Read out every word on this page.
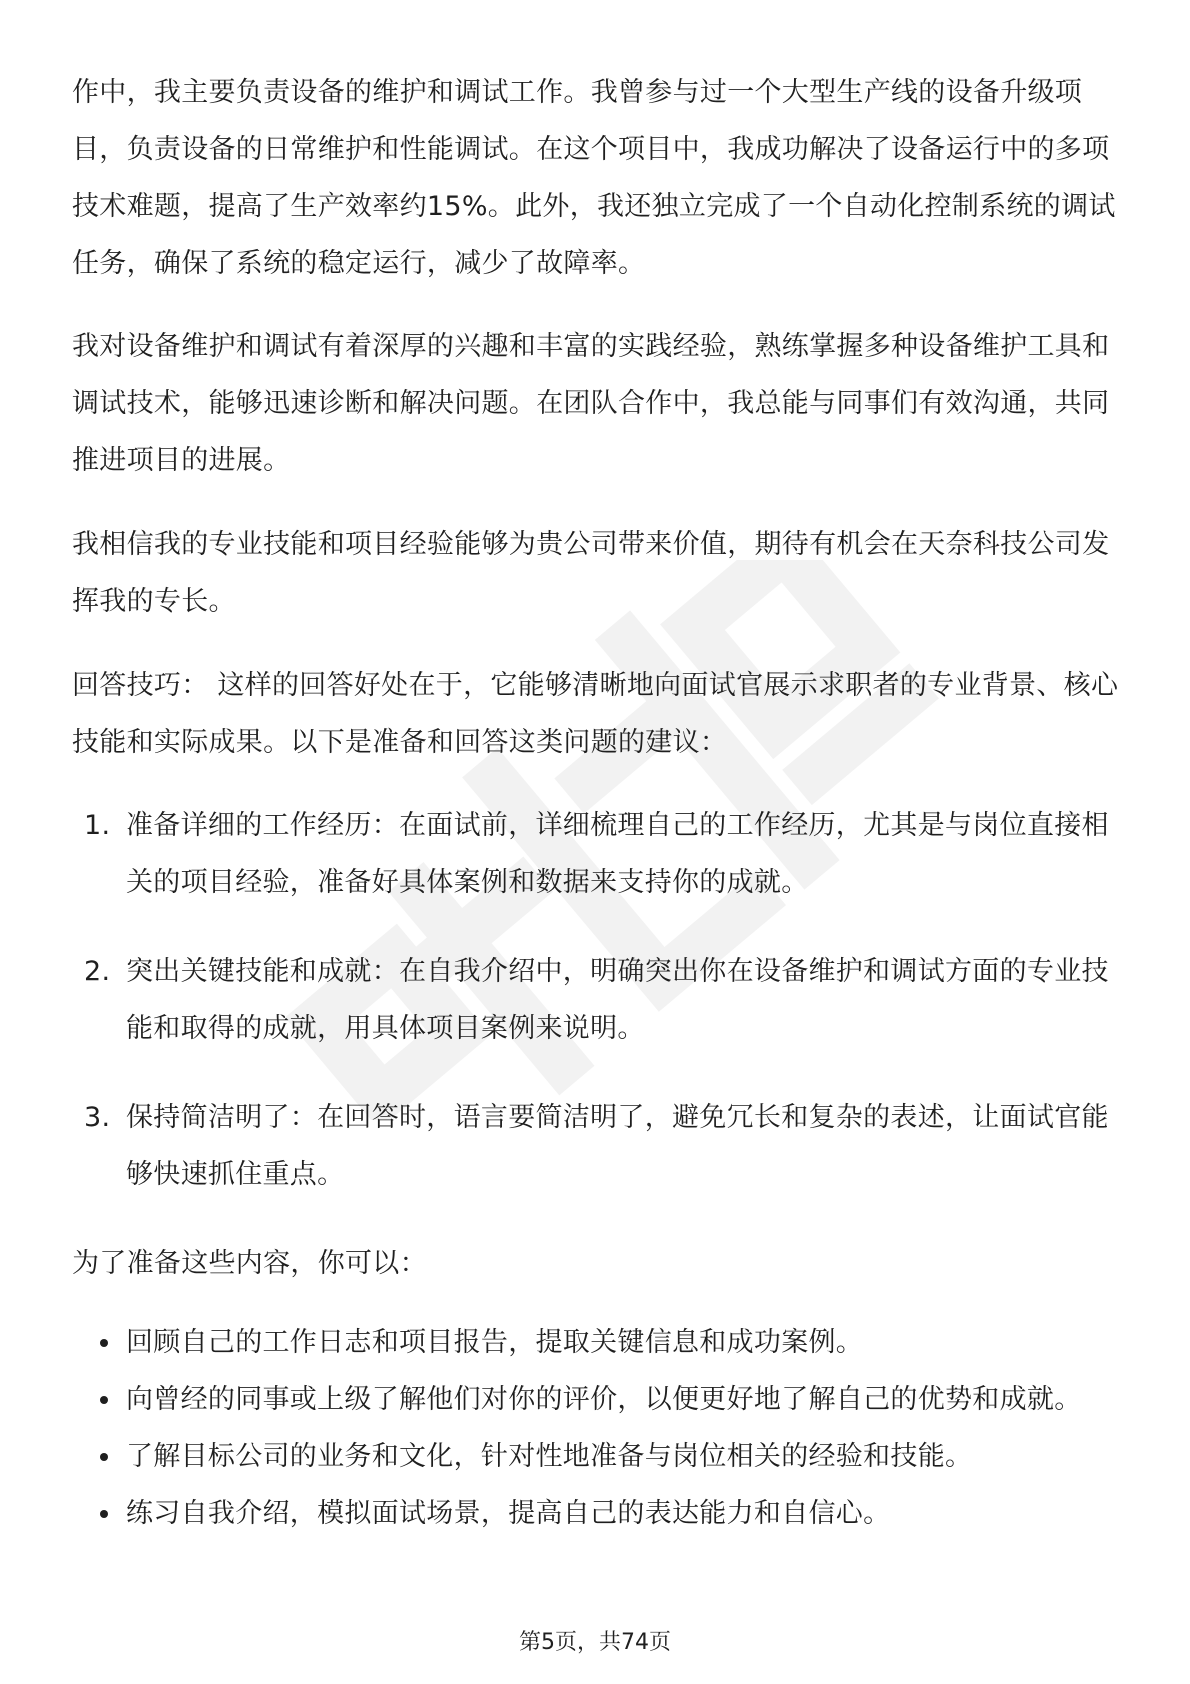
作中，我主要负责设备的维护和调试工作。我曾参与过一个大型生产线的设备升级项目，负责设备的日常维护和性能调试。在这个项目中，我成功解决了设备运行中的多项技术难题，提高了生产效率约15%。此外，我还独立完成了一个自动化控制系统的调试任务，确保了系统的稳定运行，减少了故障率。

我对设备维护和调试有着深厚的兴趣和丰富的实践经验，熟练掌握多种设备维护工具和调试技术，能够迅速诊断和解决问题。在团队合作中，我总能与同事们有效沟通，共同推进项目的进展。

我相信我的专业技能和项目经验能够为贵公司带来价值，期待有机会在天奈科技公司发挥我的专长。

回答技巧： 这样的回答好处在于，它能够清晰地向面试官展示求职者的专业背景、核心技能和实际成果。以下是准备和回答这类问题的建议：

1. 准备详细的工作经历：在面试前，详细梳理自己的工作经历，尤其是与岗位直接相关的项目经验，准备好具体案例和数据来支持你的成就。
2. 突出关键技能和成就：在自我介绍中，明确突出你在设备维护和调试方面的专业技能和取得的成就，用具体项目案例来说明。
3. 保持简洁明了：在回答时，语言要简洁明了，避免冗长和复杂的表述，让面试官能够快速抓住重点。

为了准备这些内容，你可以：

回顾自己的工作日志和项目报告，提取关键信息和成功案例。
向曾经的同事或上级了解他们对你的评价，以便更好地了解自己的优势和成就。
了解目标公司的业务和文化，针对性地准备与岗位相关的经验和技能。
练习自我介绍，模拟面试场景，提高自己的表达能力和自信心。
第5页，共74页
